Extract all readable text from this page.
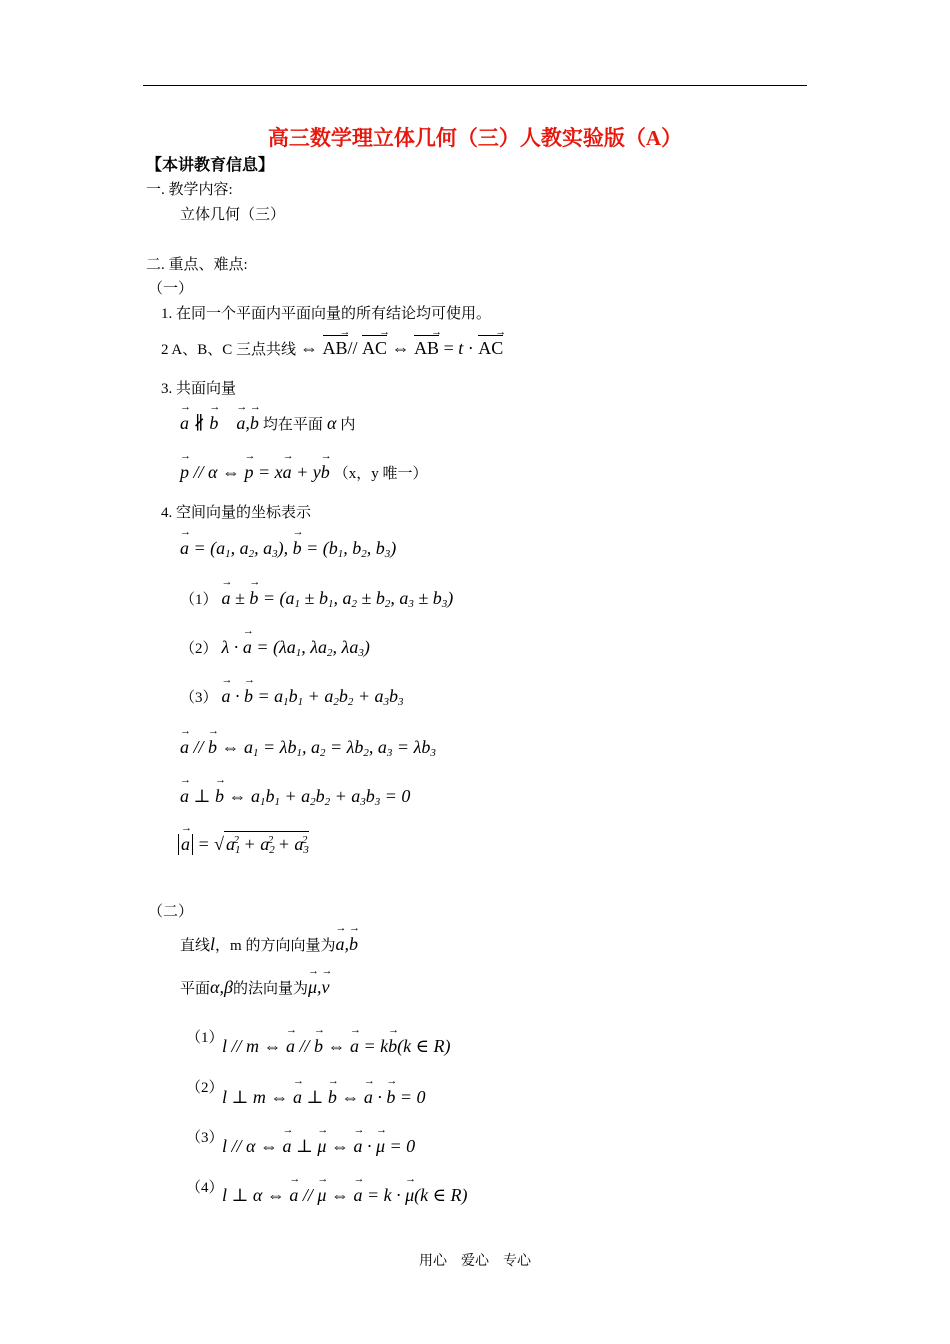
高三数学理立体几何（三）人教实验版（A）
【本讲教育信息】
一. 教学内容:
立体几何（三）
二. 重点、难点:
（一）
1. 在同一个平面内平面向量的所有结论均可使用。
2 A、B、C 三点共线 ⇔ AB →// AC → ⇔ AB → = t · AC →
3. 共面向量
→ a ∦ → b → a,→ b 均在平面 α 内
→ p // α ⇔ → p = x→ a + y→ b （x，y 唯一）
4. 空间向量的坐标表示
→ $a = (a_1$, $a_2$, $a_3$), → $b = (b_1$, $b_2$, $b_3$)
（1） → a ± → $b = (a_1 \pm b_1$, $a_2 \pm b_2$, $a_3 \pm b_3$)
（2） λ · → $a = (\lambda a_1$, $\lambda a_2$, $\lambda a_3$)
（3） → a · → $b = a_1b_1 + a_2b_2 + a_3b_3$
→ a // → b ⇔ $a_1 = \lambda b_1$, $a_2 = \lambda b_2$, $a_3 = \lambda b_3$
→ a ⊥ → b ⇔ $a_1b_1 + a_2b_2 + a_3b_3 = 0$
→ a = √ $a_1^2 + a_2^2 + a_3^2$
（二）
直线l，m 的方向向量为→ a,→ b
平面α,β的法向量为→ μ,→ v
（1）
l // m ⇔ → a // → b ⇔ → a = k→ b(k ∈ R)
（2）
l ⊥ m ⇔ → a ⊥ → b ⇔ → a · → b = 0
（3）
l // α ⇔ → a ⊥ → μ ⇔ → a · → μ = 0
（4）
l ⊥ α ⇔ → a // → μ ⇔ → a = k · → μ(k ∈ R)
用心　爱心　专心
